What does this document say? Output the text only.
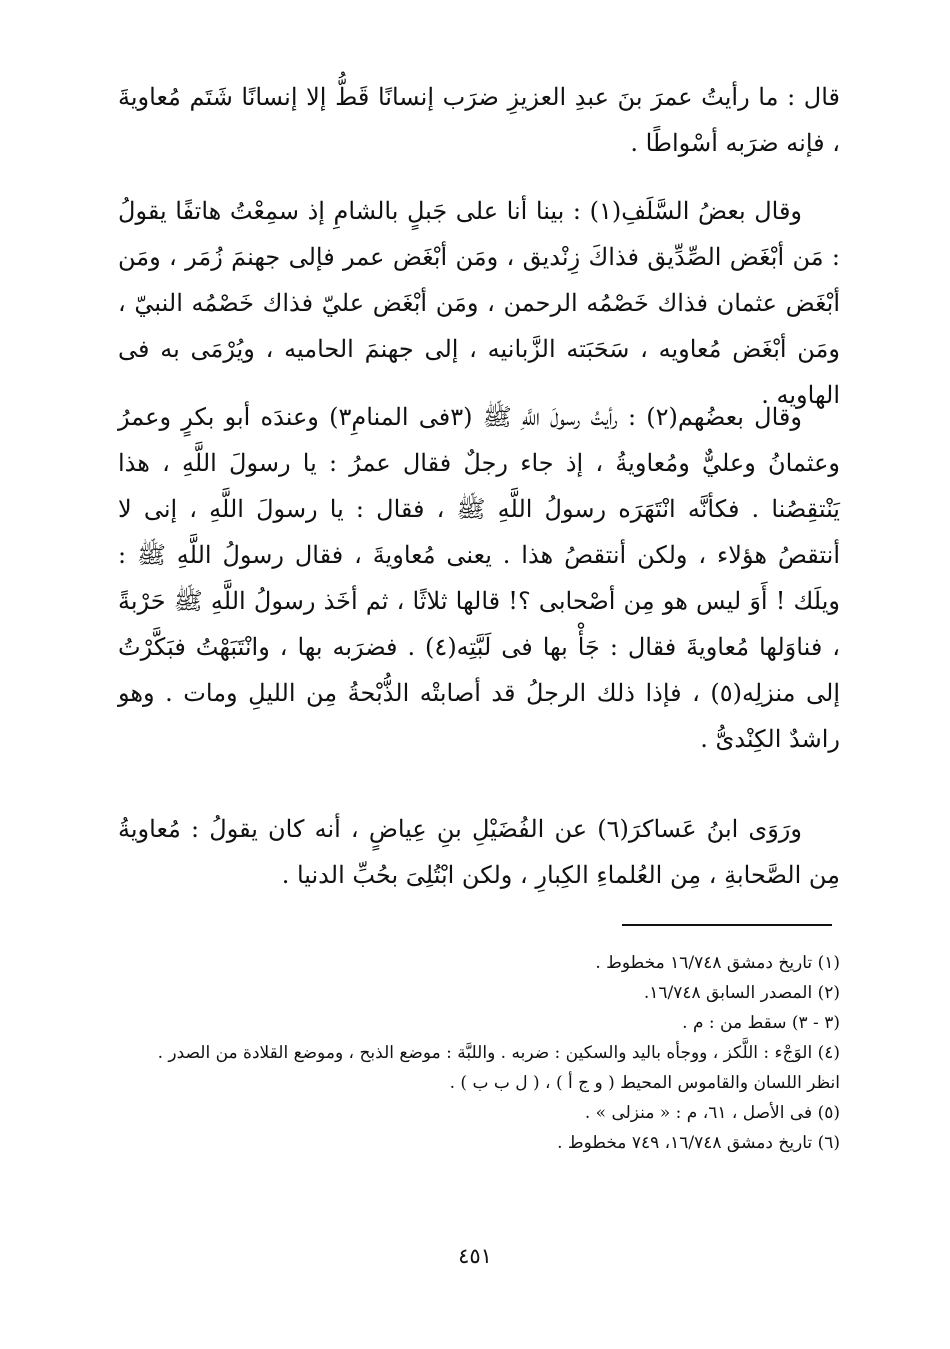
قال : ما رأيتُ عمرَ بنَ عبدِ العزيزِ ضرَب إنسانًا قَطُّ إلا إنسانًا شَتَم مُعاويةَ ، فإنه ضرَبه أسْواطًا .

وقال بعضُ السَّلَفِ(١) : بينا أنا على جَبلٍ بالشامِ إذ سمِعْتُ هاتفًا يقولُ : مَن أبْغَض الصِّدِّيق فذاكَ زِنْديق ، ومَن أبْغَض عمر فإلى جهنمَ زُمَر ، ومَن أبْغَض عثمان فذاك خَصْمُه الرحمن ، ومَن أبْغَض عليّ فذاك خَصْمُه النبيّ ، ومَن أبْغَض مُعاويه ، سَحَبَته الزَّبانيه ، إلى جهنمَ الحاميه ، ويُرْمَى به فى الهاويه .

وقال بعضُهم(٢) : رأيتُ رسولَ اللَّهِ ﷺ (٣فى المنامِ٣) وعندَه أبو بكرٍ وعمرُ وعثمانُ وعليٌّ ومُعاويةُ ، إذ جاء رجلٌ فقال عمرُ : يا رسولَ اللَّهِ ، هذا يَنْتقِصُنا . فكأنَّه انْتَهَرَه رسولُ اللَّهِ ﷺ ، فقال : يا رسولَ اللَّهِ ، إنى لا أنتقصُ هؤلاء ، ولكن أنتقصُ هذا . يعنى مُعاويةَ ، فقال رسولُ اللَّهِ ﷺ : ويلَك ! أَوَ ليس هو مِن أصْحابى ؟! قالها ثلاثًا ، ثم أخَذ رسولُ اللَّهِ ﷺ حَرْبةً ، فناوَلها مُعاويةَ فقال : جَأْ بها فى لَبَّتِه(٤) . فضرَبه بها ، وانْتَبَهْتُ فبَكَّرْتُ إلى منزلِه(٥) ، فإذا ذلك الرجلُ قد أصابتْه الذُّبْحةُ مِن الليلِ ومات . وهو راشدٌ الكِنْدىُّ .

ورَوَى ابنُ عَساكرَ(٦) عن الفُضَيْلِ بنِ عِياضٍ ، أنه كان يقولُ : مُعاويةُ مِن الصَّحابةِ ، مِن العُلماءِ الكِبارِ ، ولكن ابْتُلِىَ بحُبِّ الدنيا .

(١) تاريخ دمشق ١٦/٧٤٨ مخطوط .

(٢) المصدر السابق ١٦/٧٤٨.

(٣ - ٣) سقط من : م .

(٤) الوَجْء : اللَّكز ، ووجأه باليد والسكين : ضربه . واللبَّة : موضع الذبح ، وموضع القلادة من الصدر .

انظر اللسان والقاموس المحيط ( و ج أ ) ، ( ل ب ب ) .

(٥) فى الأصل ، ٦١، م : « منزلى » .

(٦) تاريخ دمشق ١٦/٧٤٨، ٧٤٩ مخطوط .

٤٥١
